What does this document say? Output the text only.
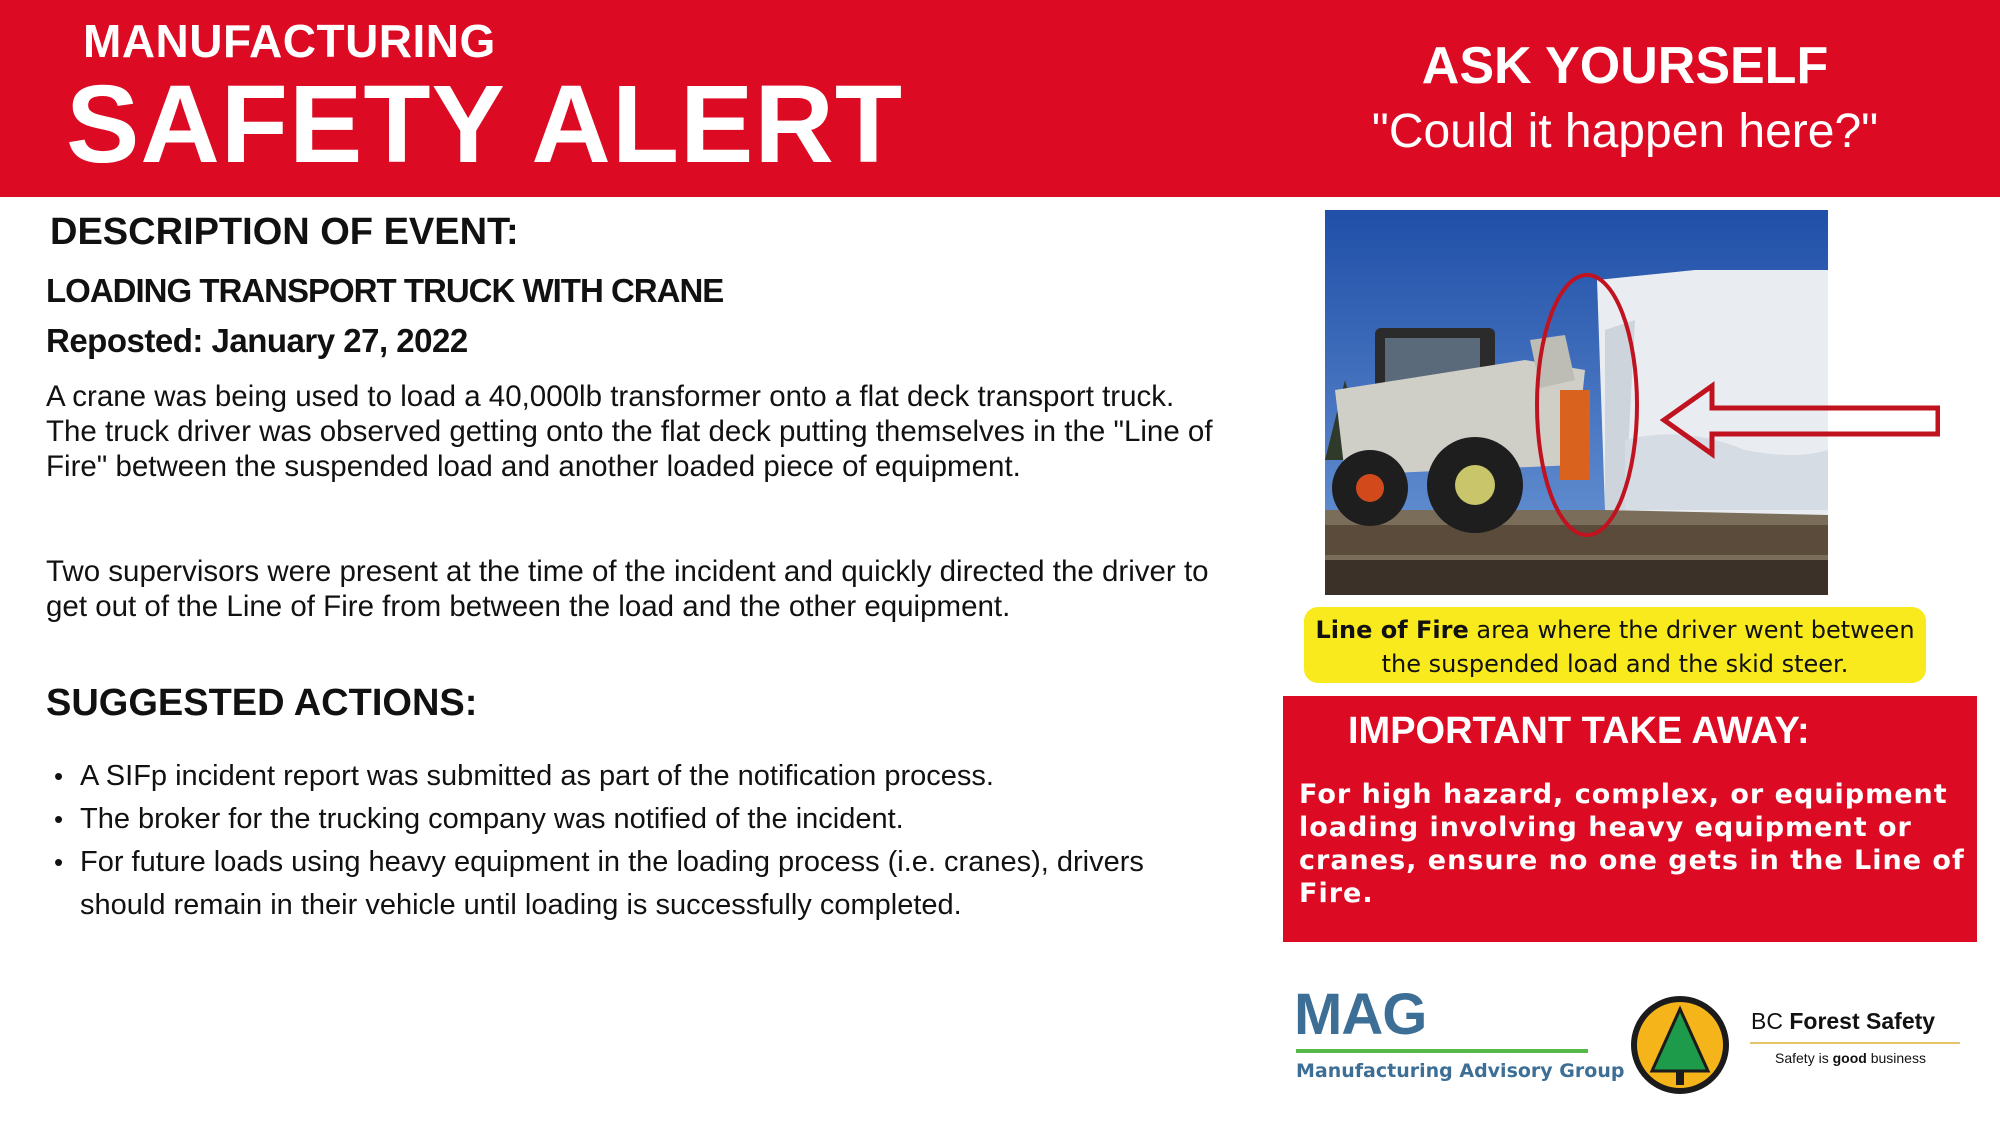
MANUFACTURING
SAFETY ALERT	ASK YOURSELF
"Could it happen here?"
DESCRIPTION OF EVENT:
LOADING TRANSPORT TRUCK WITH CRANE
Reposted: January 27, 2022
A crane was being used to load a 40,000lb transformer onto a flat deck transport truck. The truck driver was observed getting onto the flat deck putting themselves in the "Line of Fire" between the suspended load and another loaded piece of equipment.
Two supervisors were present at the time of the incident and quickly directed the driver to get out of the Line of Fire from between the load and the other equipment.
SUGGESTED ACTIONS:
• A SIFp incident report was submitted as part of the notification process.
• The broker for the trucking company was notified of the incident.
• For future loads using heavy equipment in the loading process (i.e. cranes), drivers should remain in their vehicle until loading is successfully completed.
Line of Fire area where the driver went between
the suspended load and the skid steer.
IMPORTANT TAKE AWAY:
For high hazard, complex, or equipment loading involving heavy equipment or cranes, ensure no one gets in the Line of Fire.
MAG
Manufacturing Advisory Group
BC Forest Safety
Safety is good business
